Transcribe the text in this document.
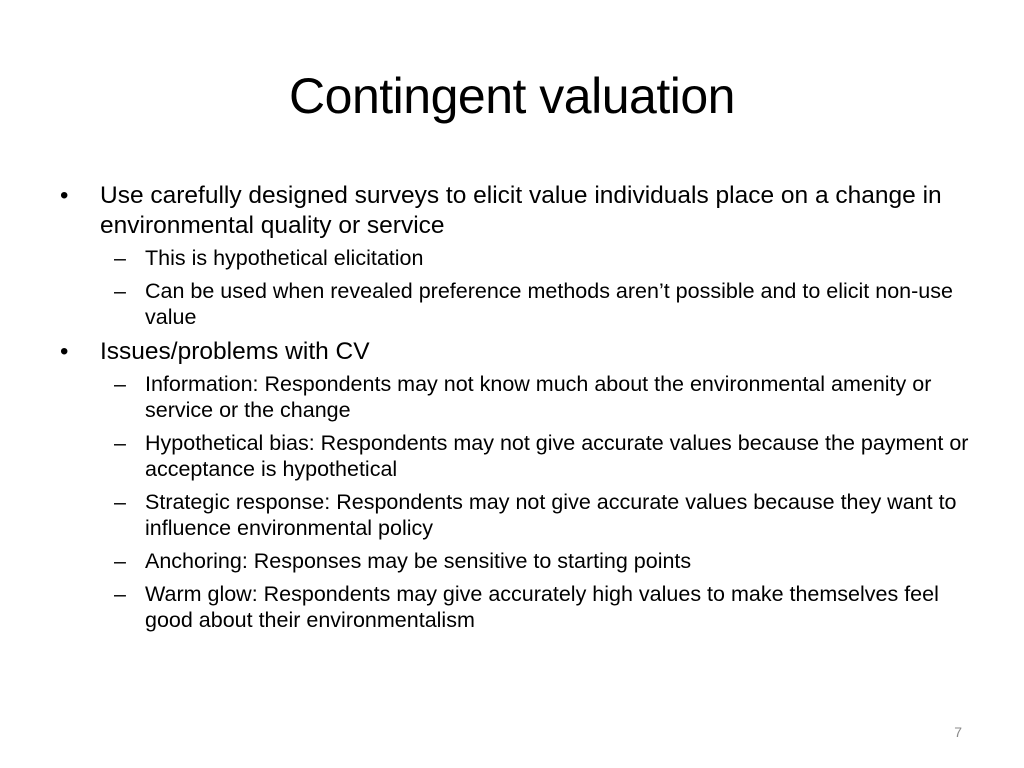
Contingent valuation
• Use carefully designed surveys to elicit value individuals place on a change in environmental quality or service
– This is hypothetical elicitation
– Can be used when revealed preference methods aren’t possible and to elicit non-use value
• Issues/problems with CV
– Information: Respondents may not know much about the environmental amenity or service or the change
– Hypothetical bias: Respondents may not give accurate values because the payment or acceptance is hypothetical
– Strategic response: Respondents may not give accurate values because they want to influence environmental policy
– Anchoring: Responses may be sensitive to starting points
– Warm glow: Respondents may give accurately high values to make themselves feel good about their environmentalism
7
